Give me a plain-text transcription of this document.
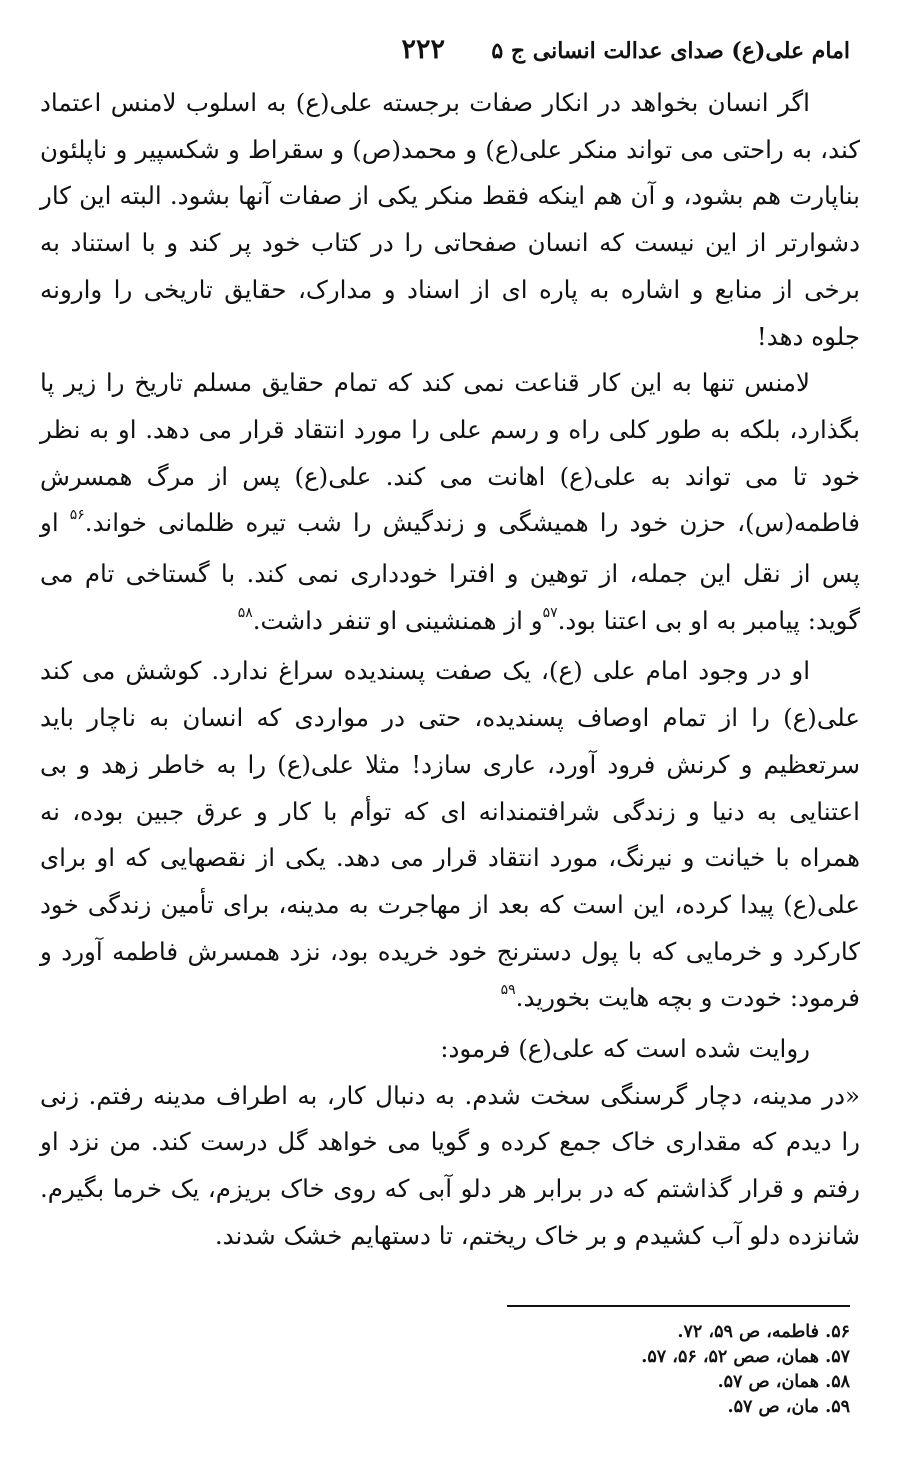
امام علی(ع) صدای عدالت انسانی ج ۵
۲۲۲

اگر انسان بخواهد در انکار صفات برجسته علی(ع) به اسلوب لامنس اعتماد کند، به راحتی می تواند منکر علی(ع) و محمد(ص) و سقراط و شکسپیر و ناپلئون بناپارت هم بشود، و آن هم اینکه فقط منکر یکی از صفات آنها بشود. البته این کار دشوارتر از این نیست که انسان صفحاتی را در کتاب خود پر کند و با استناد به برخی از منابع و اشاره به پاره ای از اسناد و مدارک، حقایق تاریخی را وارونه جلوه دهد!

لامنس تنها به این کار قناعت نمی کند که تمام حقایق مسلم تاریخ را زیر پا بگذارد، بلکه به طور کلی راه و رسم علی را مورد انتقاد قرار می دهد. او به نظر خود تا می تواند به علی(ع) اهانت می کند. علی(ع) پس از مرگ همسرش فاطمه(س)، حزن خود را همیشگی و زندگیش را شب تیره ظلمانی خواند.$^{۵۶}$ او پس از نقل این جمله، از توهین و افترا خودداری نمی کند. با گستاخی تام می گوید: پیامبر به او بی اعتنا بود.$^{۵۷}$و از همنشینی او تنفر داشت.$^{۵۸}$

او در وجود امام علی (ع)، یک صفت پسندیده سراغ ندارد. کوشش می کند علی(ع) را از تمام اوصاف پسندیده، حتی در مواردی که انسان به ناچار باید سرتعظیم و کرنش فرود آورد، عاری سازد! مثلا علی(ع) را به خاطر زهد و بی اعتنایی به دنیا و زندگی شرافتمندانه ای که توأم با کار و عرق جبین بوده، نه همراه با خیانت و نیرنگ، مورد انتقاد قرار می دهد. یکی از نقصهایی که او برای علی(ع) پیدا کرده، این است که بعد از مهاجرت به مدینه، برای تأمین زندگی خود کارکرد و خرمایی که با پول دسترنج خود خریده بود، نزد همسرش فاطمه آورد و فرمود: خودت و بچه هایت بخورید.$^{۵۹}$

روایت شده است که علی(ع) فرمود:

«در مدینه، دچار گرسنگی سخت شدم. به دنبال کار، به اطراف مدینه رفتم. زنی را دیدم که مقداری خاک جمع کرده و گویا می خواهد گل درست کند. من نزد او رفتم و قرار گذاشتم که در برابر هر دلو آبی که روی خاک بریزم، یک خرما بگیرم. شانزده دلو آب کشیدم و بر خاک ریختم، تا دستهایم خشک شدند.

۵۶. فاطمه، ص ۵۹، ۷۲.
۵۷. همان، صص ۵۲، ۵۶، ۵۷.
۵۸. همان، ص ۵۷.
۵۹. مان، ص ۵۷.
